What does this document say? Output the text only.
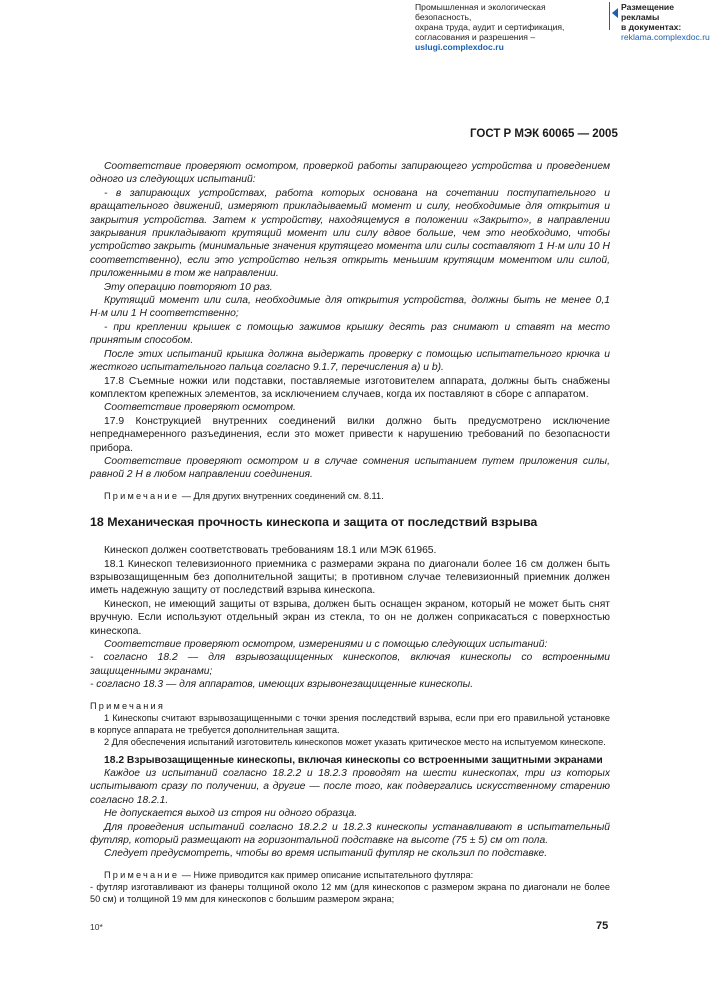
Промышленная и экологическая безопасность,
охрана труда, аудит и сертификация,
согласования и разрешения – uslugi.complexdoc.ru
Размещение рекламы
в документах:
reklama.complexdoc.ru
ГОСТ Р МЭК 60065 — 2005

Соответствие проверяют осмотром, проверкой работы запирающего устройства и проведением одного из следующих испытаний:

- в запирающих устройствах, работа которых основана на сочетании поступательного и вращательного движений, измеряют прикладываемый момент и силу, необходимые для открытия и закрытия устройства. Затем к устройству, находящемуся в положении «Закрыто», в направлении закрывания прикладывают крутящий момент или силу вдвое больше, чем это необходимо, чтобы устройство закрыть (минимальные значения крутящего момента или силы составляют 1 Н·м или 10 Н соответственно), если это устройство нельзя открыть меньшим крутящим моментом или силой, приложенными в том же направлении.

Эту операцию повторяют 10 раз.

Крутящий момент или сила, необходимые для открытия устройства, должны быть не менее 0,1 Н·м или 1 Н соответственно;

- при креплении крышек с помощью зажимов крышку десять раз снимают и ставят на место принятым способом.

После этих испытаний крышка должна выдержать проверку с помощью испытательного крючка и жесткого испытательного пальца согласно 9.1.7, перечисления а) и b).

17.8 Съемные ножки или подставки, поставляемые изготовителем аппарата, должны быть снабжены комплектом крепежных элементов, за исключением случаев, когда их поставляют в сборе с аппаратом.

Соответствие проверяют осмотром.

17.9 Конструкцией внутренних соединений вилки должно быть предусмотрено исключение непреднамеренного разъединения, если это может привести к нарушению требований по безопасности прибора.

Соответствие проверяют осмотром и в случае сомнения испытанием путем приложения силы, равной 2 Н в любом направлении соединения.

Примечание — Для других внутренних соединений см. 8.11.

18 Механическая прочность кинескопа и защита от последствий взрыва

Кинескоп должен соответствовать требованиям 18.1 или МЭК 61965.

18.1 Кинескоп телевизионного приемника с размерами экрана по диагонали более 16 см должен быть взрывозащищенным без дополнительной защиты; в противном случае телевизионный приемник должен иметь надежную защиту от последствий взрыва кинескопа.

Кинескоп, не имеющий защиты от взрыва, должен быть оснащен экраном, который не может быть снят вручную. Если используют отдельный экран из стекла, то он не должен соприкасаться с поверхностью кинескопа.

Соответствие проверяют осмотром, измерениями и с помощью следующих испытаний:

- согласно 18.2 — для взрывозащищенных кинескопов, включая кинескопы со встроенными защищенными экранами;

- согласно 18.3 — для аппаратов, имеющих взрывонезащищенные кинескопы.

Примечания

1 Кинескопы считают взрывозащищенными с точки зрения последствий взрыва, если при его правильной установке в корпусе аппарата не требуется дополнительная защита.

2 Для обеспечения испытаний изготовитель кинескопов может указать критическое место на испытуемом кинескопе.

18.2 Взрывозащищенные кинескопы, включая кинескопы со встроенными защитными экранами

Каждое из испытаний согласно 18.2.2 и 18.2.3 проводят на шести кинескопах, три из которых испытывают сразу по получении, а другие — после того, как подвергались искусственному старению согласно 18.2.1.

Не допускается выход из строя ни одного образца.

Для проведения испытаний согласно 18.2.2 и 18.2.3 кинескопы устанавливают в испытательный футляр, который размещают на горизонтальной подставке на высоте (75 ± 5) см от пола.

Следует предусмотреть, чтобы во время испытаний футляр не скользил по подставке.

Примечание — Ниже приводится как пример описание испытательного футляра:

- футляр изготавливают из фанеры толщиной около 12 мм (для кинескопов с размером экрана по диагонали не более 50 см) и толщиной 19 мм для кинескопов с большим размером экрана;

10*	75
